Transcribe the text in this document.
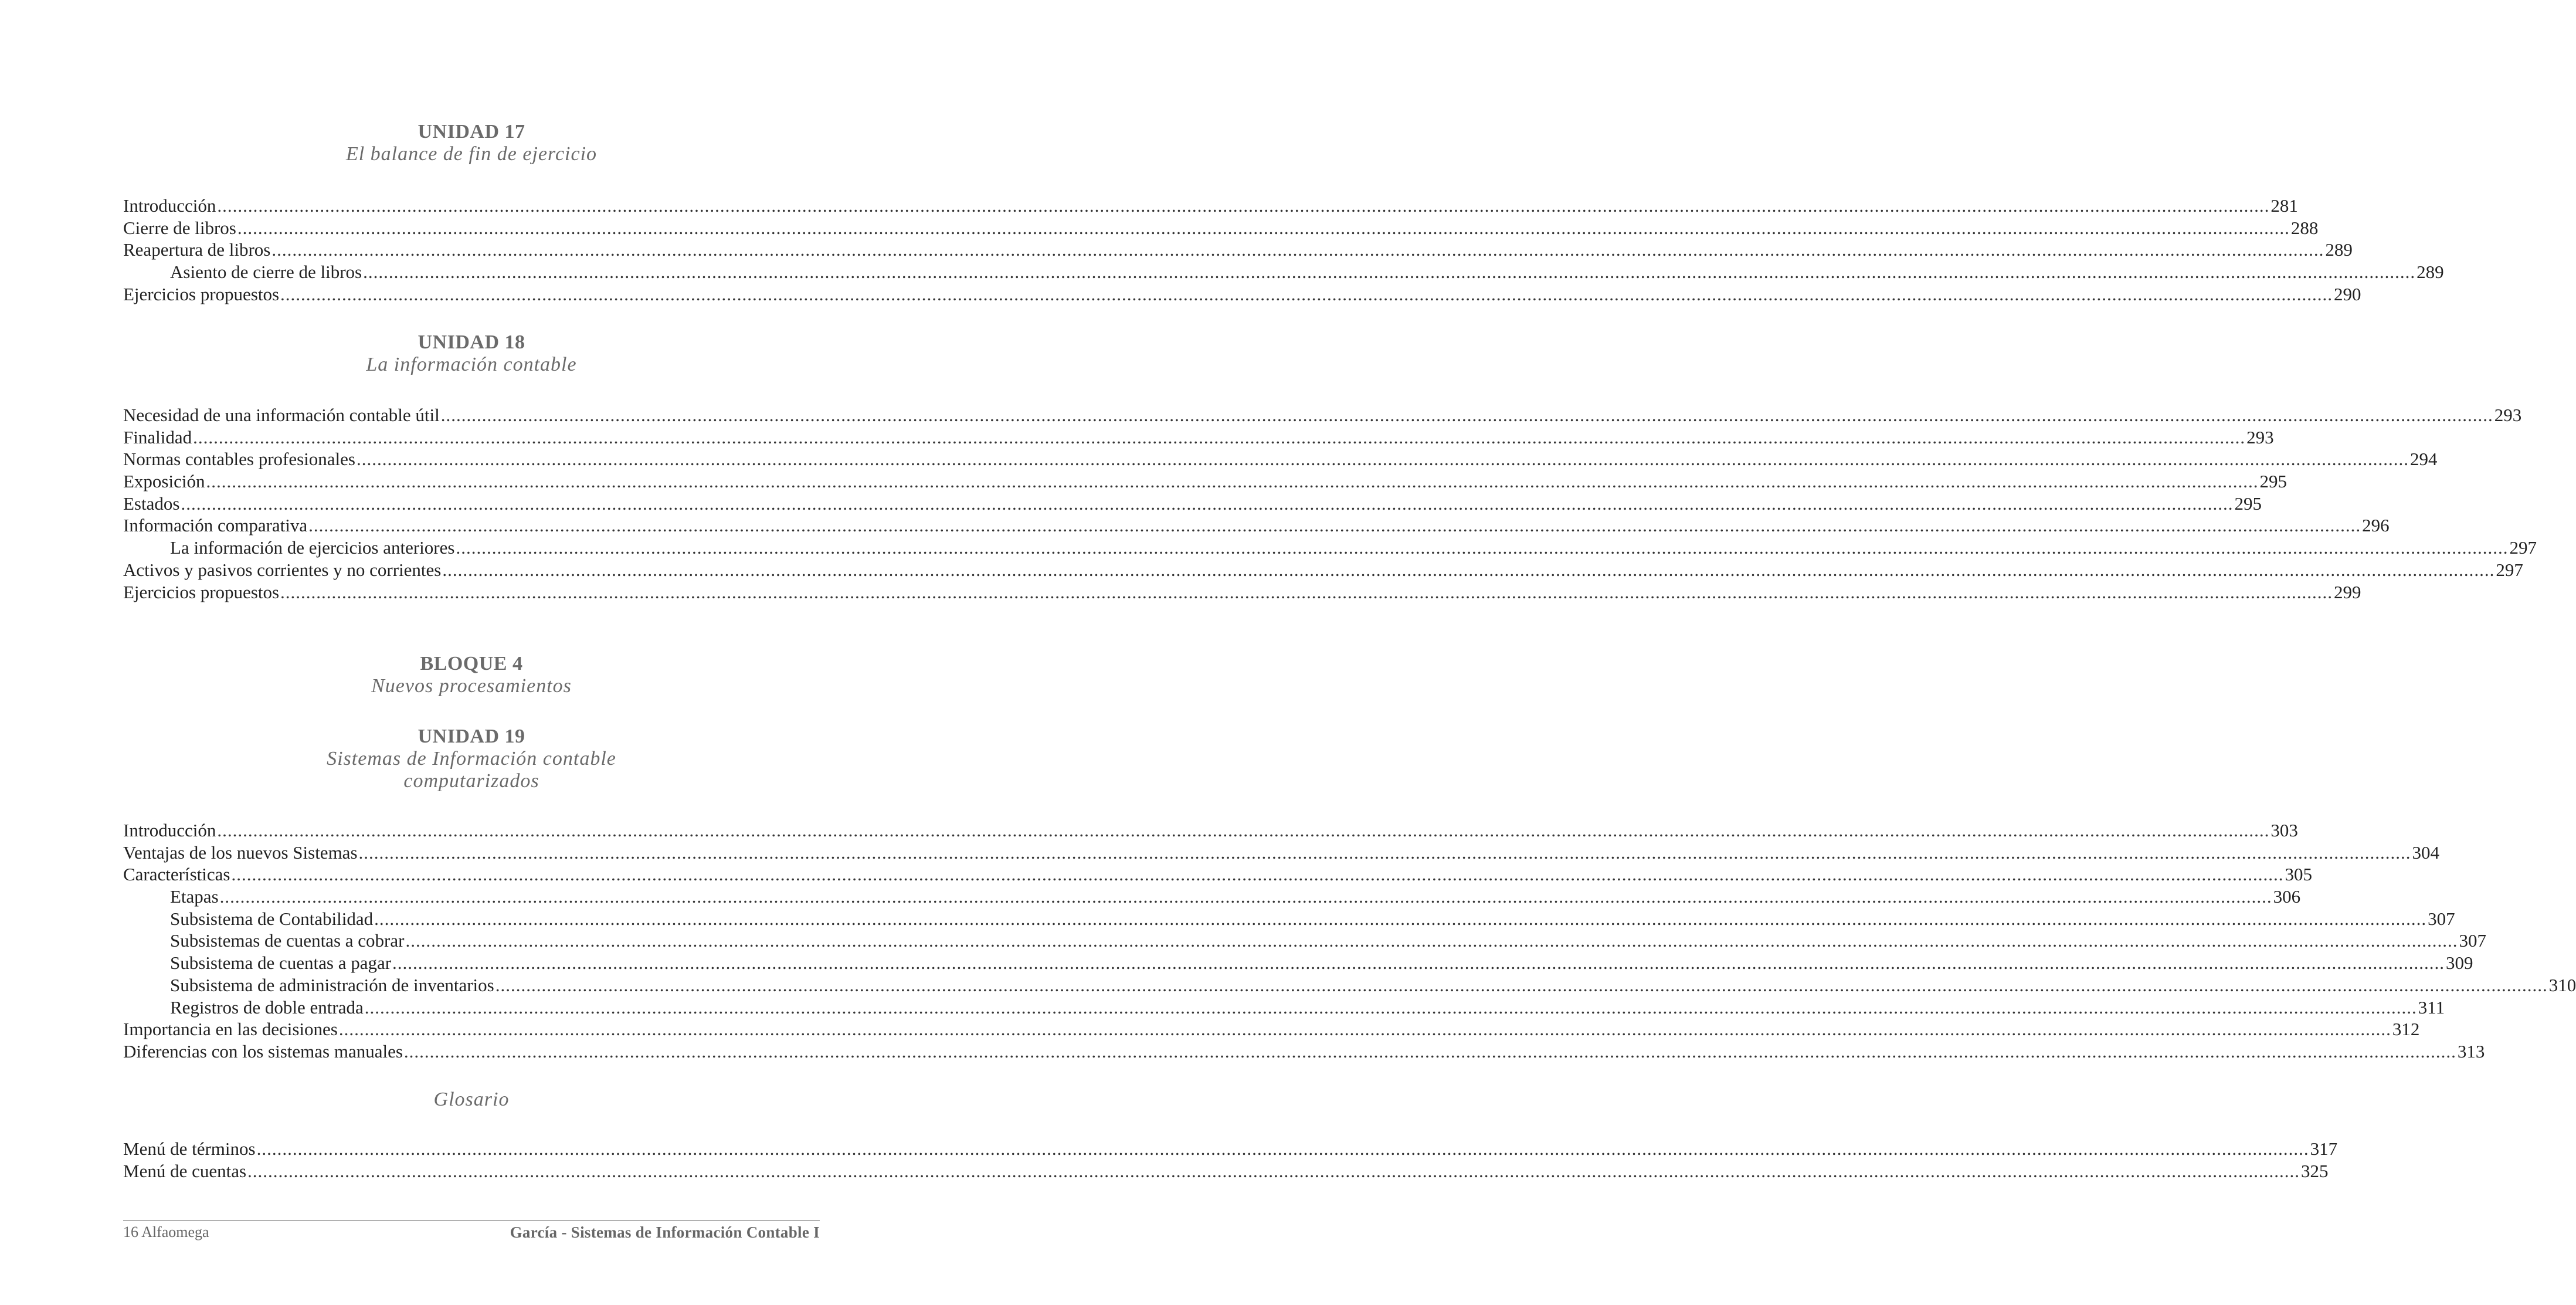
UNIDAD 17
El balance de fin de ejercicio
Introducción ................................................................................................................................................................................................................................................................................................................................................................................................................ 281
Cierre de libros ................................................................................................................................................................................................................................................................................................................................................................................................................ 288
Reapertura de libros ................................................................................................................................................................................................................................................................................................................................................................................................................ 289
Asiento de cierre de libros ................................................................................................................................................................................................................................................................................................................................................................................................................ 289
Ejercicios propuestos ................................................................................................................................................................................................................................................................................................................................................................................................................ 290
UNIDAD 18
La información contable
Necesidad de una información contable útil ................................................................................................................................................................................................................................................................................................................................................................................................................ 293
Finalidad ................................................................................................................................................................................................................................................................................................................................................................................................................ 293
Normas contables profesionales ................................................................................................................................................................................................................................................................................................................................................................................................................ 294
Exposición ................................................................................................................................................................................................................................................................................................................................................................................................................ 295
Estados ................................................................................................................................................................................................................................................................................................................................................................................................................ 295
Información comparativa ................................................................................................................................................................................................................................................................................................................................................................................................................ 296
La información de ejercicios anteriores ................................................................................................................................................................................................................................................................................................................................................................................................................ 297
Activos y pasivos corrientes y no corrientes ................................................................................................................................................................................................................................................................................................................................................................................................................ 297
Ejercicios propuestos ................................................................................................................................................................................................................................................................................................................................................................................................................ 299
BLOQUE 4
Nuevos procesamientos
UNIDAD 19
Sistemas de Información contable
computarizados
Introducción ................................................................................................................................................................................................................................................................................................................................................................................................................ 303
Ventajas de los nuevos Sistemas ................................................................................................................................................................................................................................................................................................................................................................................................................ 304
Características ................................................................................................................................................................................................................................................................................................................................................................................................................ 305
Etapas ................................................................................................................................................................................................................................................................................................................................................................................................................ 306
Subsistema de Contabilidad ................................................................................................................................................................................................................................................................................................................................................................................................................ 307
Subsistemas de cuentas a cobrar ................................................................................................................................................................................................................................................................................................................................................................................................................ 307
Subsistema de cuentas a pagar ................................................................................................................................................................................................................................................................................................................................................................................................................ 309
Subsistema de administración de inventarios ................................................................................................................................................................................................................................................................................................................................................................................................................ 310
Registros de doble entrada ................................................................................................................................................................................................................................................................................................................................................................................................................ 311
Importancia en las decisiones ................................................................................................................................................................................................................................................................................................................................................................................................................ 312
Diferencias con los sistemas manuales ................................................................................................................................................................................................................................................................................................................................................................................................................ 313
Glosario
Menú de términos ................................................................................................................................................................................................................................................................................................................................................................................................................ 317
Menú de cuentas ................................................................................................................................................................................................................................................................................................................................................................................................................ 325
16 Alfaomega	García - Sistemas de Información Contable I
